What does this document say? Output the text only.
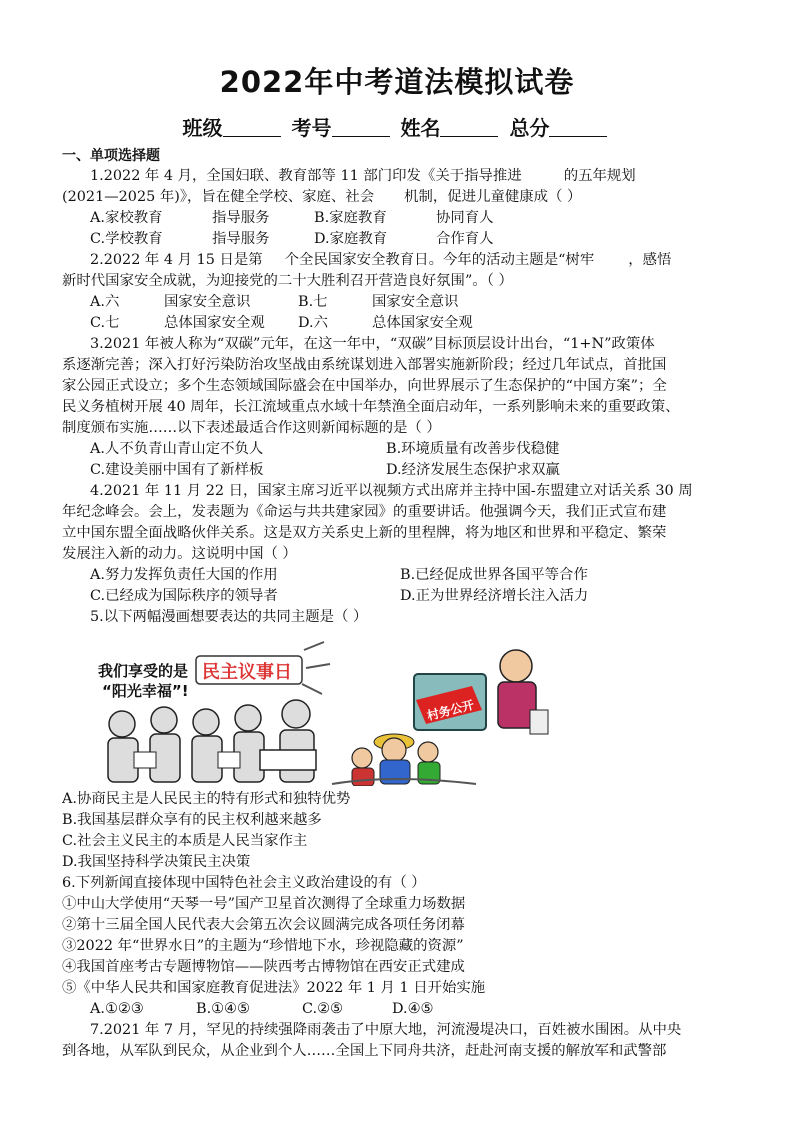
2022年中考道法模拟试卷
班级	考号	姓名	总分
一、单项选择题
1.2022 年 4 月，全国妇联、教育部等 11 部门印发《关于指导推进	的五年规划
(2021—2025 年)》，旨在健全学校、家庭、社会 机制，促进儿童健康成（ ）
A.家校教育	指导服务	B.家庭教育	协同育人
C.学校教育	指导服务	D.家庭教育	合作育人
2.2022 年 4 月 15 日是第 个全民国家安全教育日。今年的活动主题是“树牢 ，感悟
新时代国家安全成就，为迎接党的二十大胜利召开营造良好氛围”。（ ）
A.六	国家安全意识	B.七	国家安全意识
C.七	总体国家安全观 D.六	总体国家安全观
3.2021 年被人称为“双碳”元年，在这一年中，“双碳”目标顶层设计出台，“1+N”政策体
系逐渐完善；深入打好污染防治攻坚战由系统谋划进入部署实施新阶段；经过几年试点，首批国
家公园正式设立；多个生态领域国际盛会在中国举办，向世界展示了生态保护的“中国方案”；全
民义务植树开展 40 周年，长江流域重点水域十年禁渔全面启动年，一系列影响未来的重要政策、
制度颁布实施……以下表述最适合作这则新闻标题的是（ ）
A.人不负青山青山定不负人	B.环境质量有改善步伐稳健
C.建设美丽中国有了新样板	D.经济发展生态保护求双赢
4.2021 年 11 月 22 日，国家主席习近平以视频方式出席并主持中国-东盟建立对话关系 30 周
年纪念峰会。会上，发表题为《命运与共共建家园》的重要讲话。他强调今天，我们正式宣布建
立中国东盟全面战略伙伴关系。这是双方关系史上新的里程牌，将为地区和世界和平稳定、繁荣
发展注入新的动力。这说明中国（ ）
A.努力发挥负责任大国的作用	B.已经促成世界各国平等合作
C.已经成为国际秩序的领导者	D.正为世界经济增长注入活力
5.以下两幅漫画想要表达的共同主题是（ ）
我们享受的是
“阳光幸福”!
民主议事日
村务公开
A.协商民主是人民民主的特有形式和独特优势
B.我国基层群众享有的民主权利越来越多
C.社会主义民主的本质是人民当家作主
D.我国坚持科学决策民主决策
6.下列新闻直接体现中国特色社会主义政治建设的有（ ）
①中山大学使用“天琴一号”国产卫星首次测得了全球重力场数据
②第十三届全国人民代表大会第五次会议圆满完成各项任务闭幕
③2022 年“世界水日”的主题为“珍惜地下水，珍视隐藏的资源”
④我国首座考古专题博物馆——陕西考古博物馆在西安正式建成
⑤《中华人民共和国家庭教育促进法》2022 年 1 月 1 日开始实施
A.①②③	B.①④⑤	C.②⑤	D.④⑤
7.2021 年 7 月，罕见的持续强降雨袭击了中原大地，河流漫堤决口，百姓被水围困。从中央
到各地，从军队到民众，从企业到个人……全国上下同舟共济，赶赴河南支援的解放军和武警部
